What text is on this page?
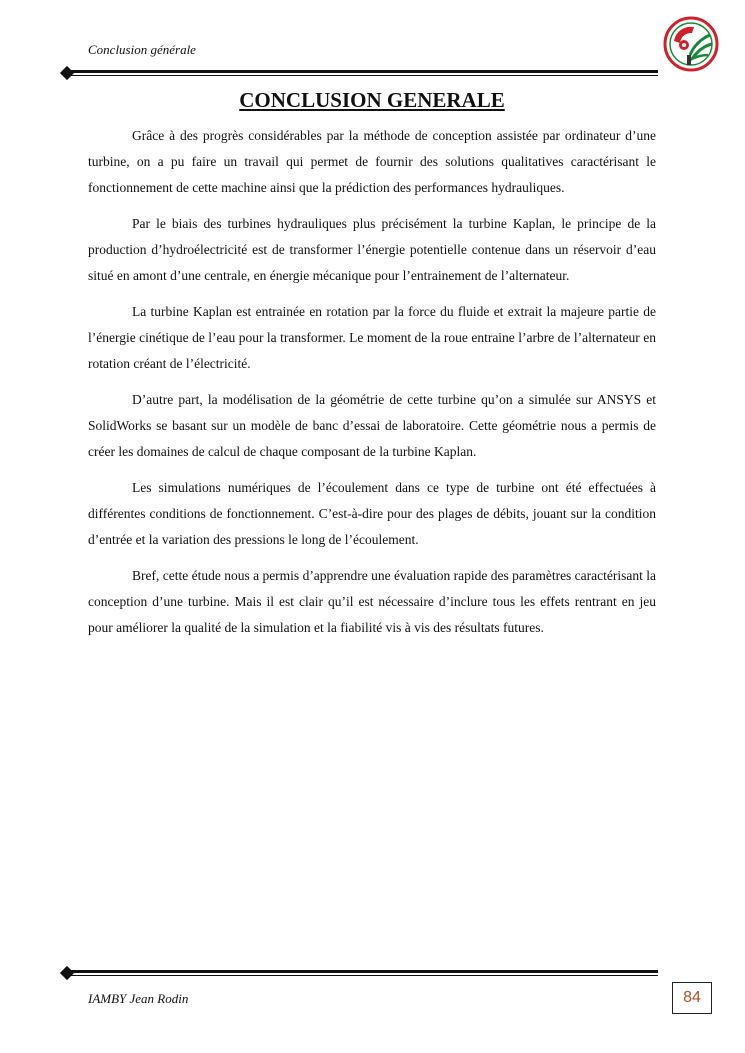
Conclusion générale
CONCLUSION GENERALE

Grâce à des progrès considérables par la méthode de conception assistée par ordinateur d’une turbine, on a pu faire un travail qui permet de fournir des solutions qualitatives caractérisant le fonctionnement de cette machine ainsi que la prédiction des performances hydrauliques.

Par le biais des turbines hydrauliques plus précisément la turbine Kaplan, le principe de la production d’hydroélectricité est de transformer l’énergie potentielle contenue dans un réservoir d’eau situé en amont d’une centrale, en énergie mécanique pour l’entrainement de l’alternateur.

La turbine Kaplan est entrainée en rotation par la force du fluide et extrait la majeure partie de l’énergie cinétique de l’eau pour la transformer. Le moment de la roue entraine l’arbre de l’alternateur en rotation créant de l’électricité.

D’autre part, la modélisation de la géométrie de cette turbine qu’on a simulée sur ANSYS et SolidWorks se basant sur un modèle de banc d’essai de laboratoire. Cette géométrie nous a permis de créer les domaines de calcul de chaque composant de la turbine Kaplan.

Les simulations numériques de l’écoulement dans ce type de turbine ont été effectuées à différentes conditions de fonctionnement. C’est-à-dire pour des plages de débits, jouant sur la condition d’entrée et la variation des pressions le long de l’écoulement.

Bref, cette étude nous a permis d’apprendre une évaluation rapide des paramètres caractérisant la conception d’une turbine. Mais il est clair qu’il est nécessaire d’inclure tous les effets rentrant en jeu pour améliorer la qualité de la simulation et la fiabilité vis à vis des résultats futures.

IAMBY Jean Rodin	84
